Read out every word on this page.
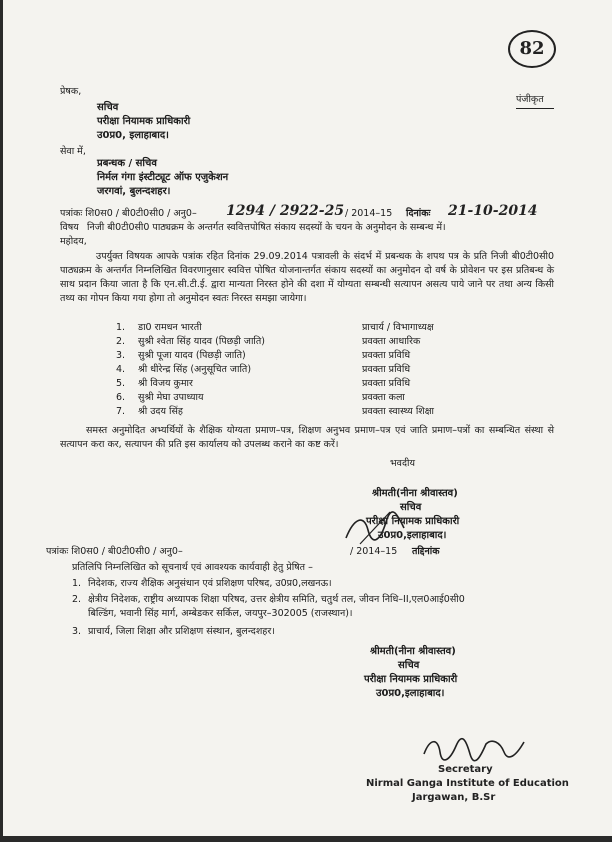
82
प्रेषक,
पंजीकृत
सचिव
परीक्षा नियामक प्राधिकारी
उ0प्र0, इलाहाबाद।
सेवा में,
प्रबन्धक / सचिव
निर्मल गंगा इंस्टीट्यूट ऑफ एजुकेशन
जरगवां, बुलन्दशहर।
पत्रांकः शि0स0 / बी0टी0सी0 / अनु0– 1294 / 2922-25 / 2014–15 दिनांकः 21-10-2014
विषय निजी बी0टी0सी0 पाठ्यक्रम के अन्तर्गत स्ववित्तपोषित संकाय सदस्यों के चयन के अनुमोदन के सम्बन्ध में।
महोदय,
उपर्युक्त विषयक आपके पत्रांक रहित दिनांक 29.09.2014 पत्रावली के संदर्भ में प्रबन्धक के शपथ पत्र के प्रति निजी बी0टी0सी0 पाठ्यक्रम के अन्तर्गत निम्नलिखित विवरणानुसार स्ववित्त पोषित योजनान्तर्गत संकाय सदस्यों का अनुमोदन दो वर्ष के प्रोवेशन पर इस प्रतिबन्ध के साथ प्रदान किया जाता है कि एन.सी.टी.ई. द्वारा मान्यता निरस्त होने की दशा में योग्यता सम्बन्धी सत्यापन असत्य पाये जाने पर तथा अन्य किसी तथ्य का गोपन किया गया होगा तो अनुमोदन स्वतः निरस्त समझा जायेगा।
1. डा0 रामधन भारती	प्राचार्य / विभागाध्यक्ष
2. सुश्री श्वेता सिंह यादव (पिछड़ी जाति)	प्रवक्ता आधारिक
3. सुश्री पूजा यादव (पिछड़ी जाति)	प्रवक्ता प्रविधि
4. श्री धीरेन्द्र सिंह (अनुसूचित जाति)	प्रवक्ता प्रविधि
5. श्री विजय कुमार	प्रवक्ता प्रविधि
6. सुश्री मेघा उपाध्याय	प्रवक्ता कला
7. श्री उदय सिंह	प्रवक्ता स्वास्थ्य शिक्षा
समस्त अनुमोदित अभ्यर्थियों के शैक्षिक योग्यता प्रमाण–पत्र, शिक्षण अनुभव प्रमाण–पत्र एवं जाति प्रमाण–पत्रों का सम्बन्धित संस्था से सत्यापन करा कर, सत्यापन की प्रति इस कार्यालय को उपलब्ध कराने का कष्ट करें।
भवदीय
श्रीमती(नीना श्रीवास्तव)
सचिव
परीक्षा नियामक प्राधिकारी
उ0प्र0,इलाहाबाद।
पत्रांकः शि0स0 / बी0टी0सी0 / अनु0–	/ 2014–15 तद्दिनांक
प्रतिलिपि निम्नलिखित को सूचनार्थ एवं आवश्यक कार्यवाही हेतु प्रेषित –
1. निदेशक, राज्य शैक्षिक अनुसंधान एवं प्रशिक्षण परिषद, उ0प्र0,लखनऊ।
2. क्षेत्रीय निदेशक, राष्ट्रीय अध्यापक शिक्षा परिषद, उत्तर क्षेत्रीय समिति, चतुर्थ तल, जीवन निधि–II,एल0आई0सी0
बिल्डिंग, भवानी सिंह मार्ग, अम्बेडकर सर्किल, जयपुर–302005 (राजस्थान)।
3. प्राचार्य, जिला शिक्षा और प्रशिक्षण संस्थान, बुलन्दशहर।
श्रीमती(नीना श्रीवास्तव)
सचिव
परीक्षा नियामक प्राधिकारी
उ0प्र0,इलाहाबाद।
Secretary
Nirmal Ganga Institute of Education
Jargawan, B.Sr
